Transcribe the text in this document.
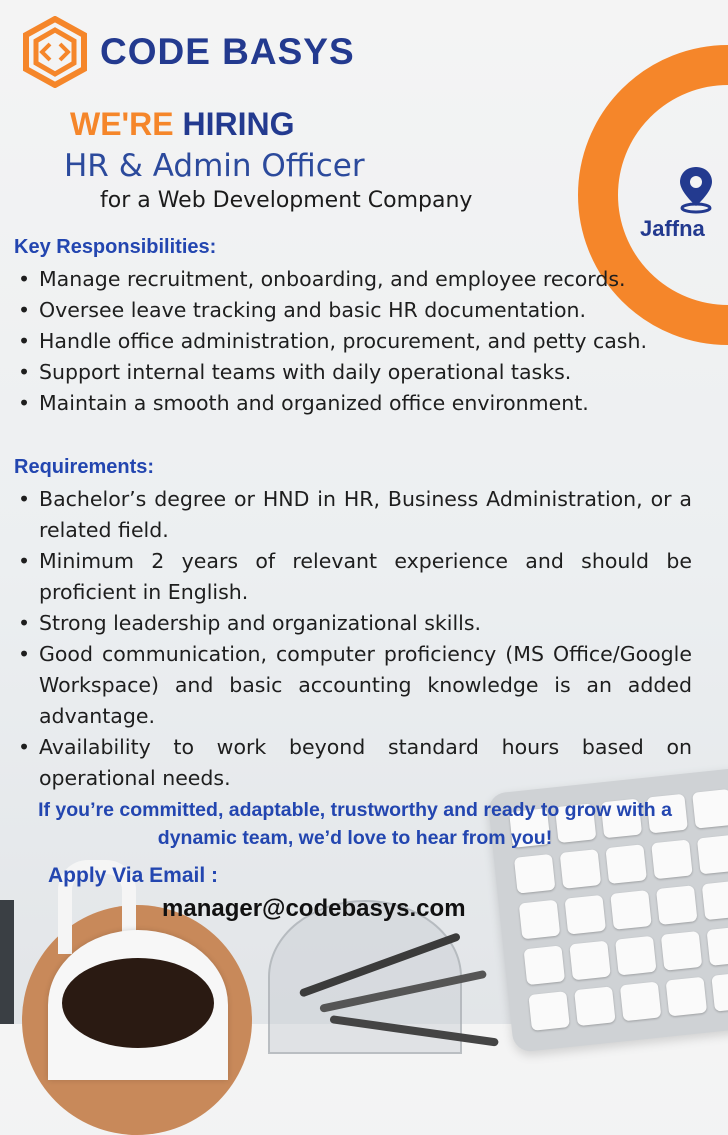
CODE BASYS
WE'RE HIRING
HR & Admin Officer
for a Web Development Company
Jaffna
Key Responsibilities:
• Manage recruitment, onboarding, and employee records.
• Oversee leave tracking and basic HR documentation.
• Handle office administration, procurement, and petty cash.
• Support internal teams with daily operational tasks.
• Maintain a smooth and organized office environment.
Requirements:
• Bachelor’s degree or HND in HR, Business Administration, or a related field.
• Minimum 2 years of relevant experience and should be proficient in English.
• Strong leadership and organizational skills.
• Good communication, computer proficiency (MS Office/Google Workspace) and basic accounting knowledge is an added advantage.
• Availability to work beyond standard hours based on operational needs.
If you’re committed, adaptable, trustworthy and ready to grow with a dynamic team, we’d love to hear from you!
Apply Via Email :
manager@codebasys.com
